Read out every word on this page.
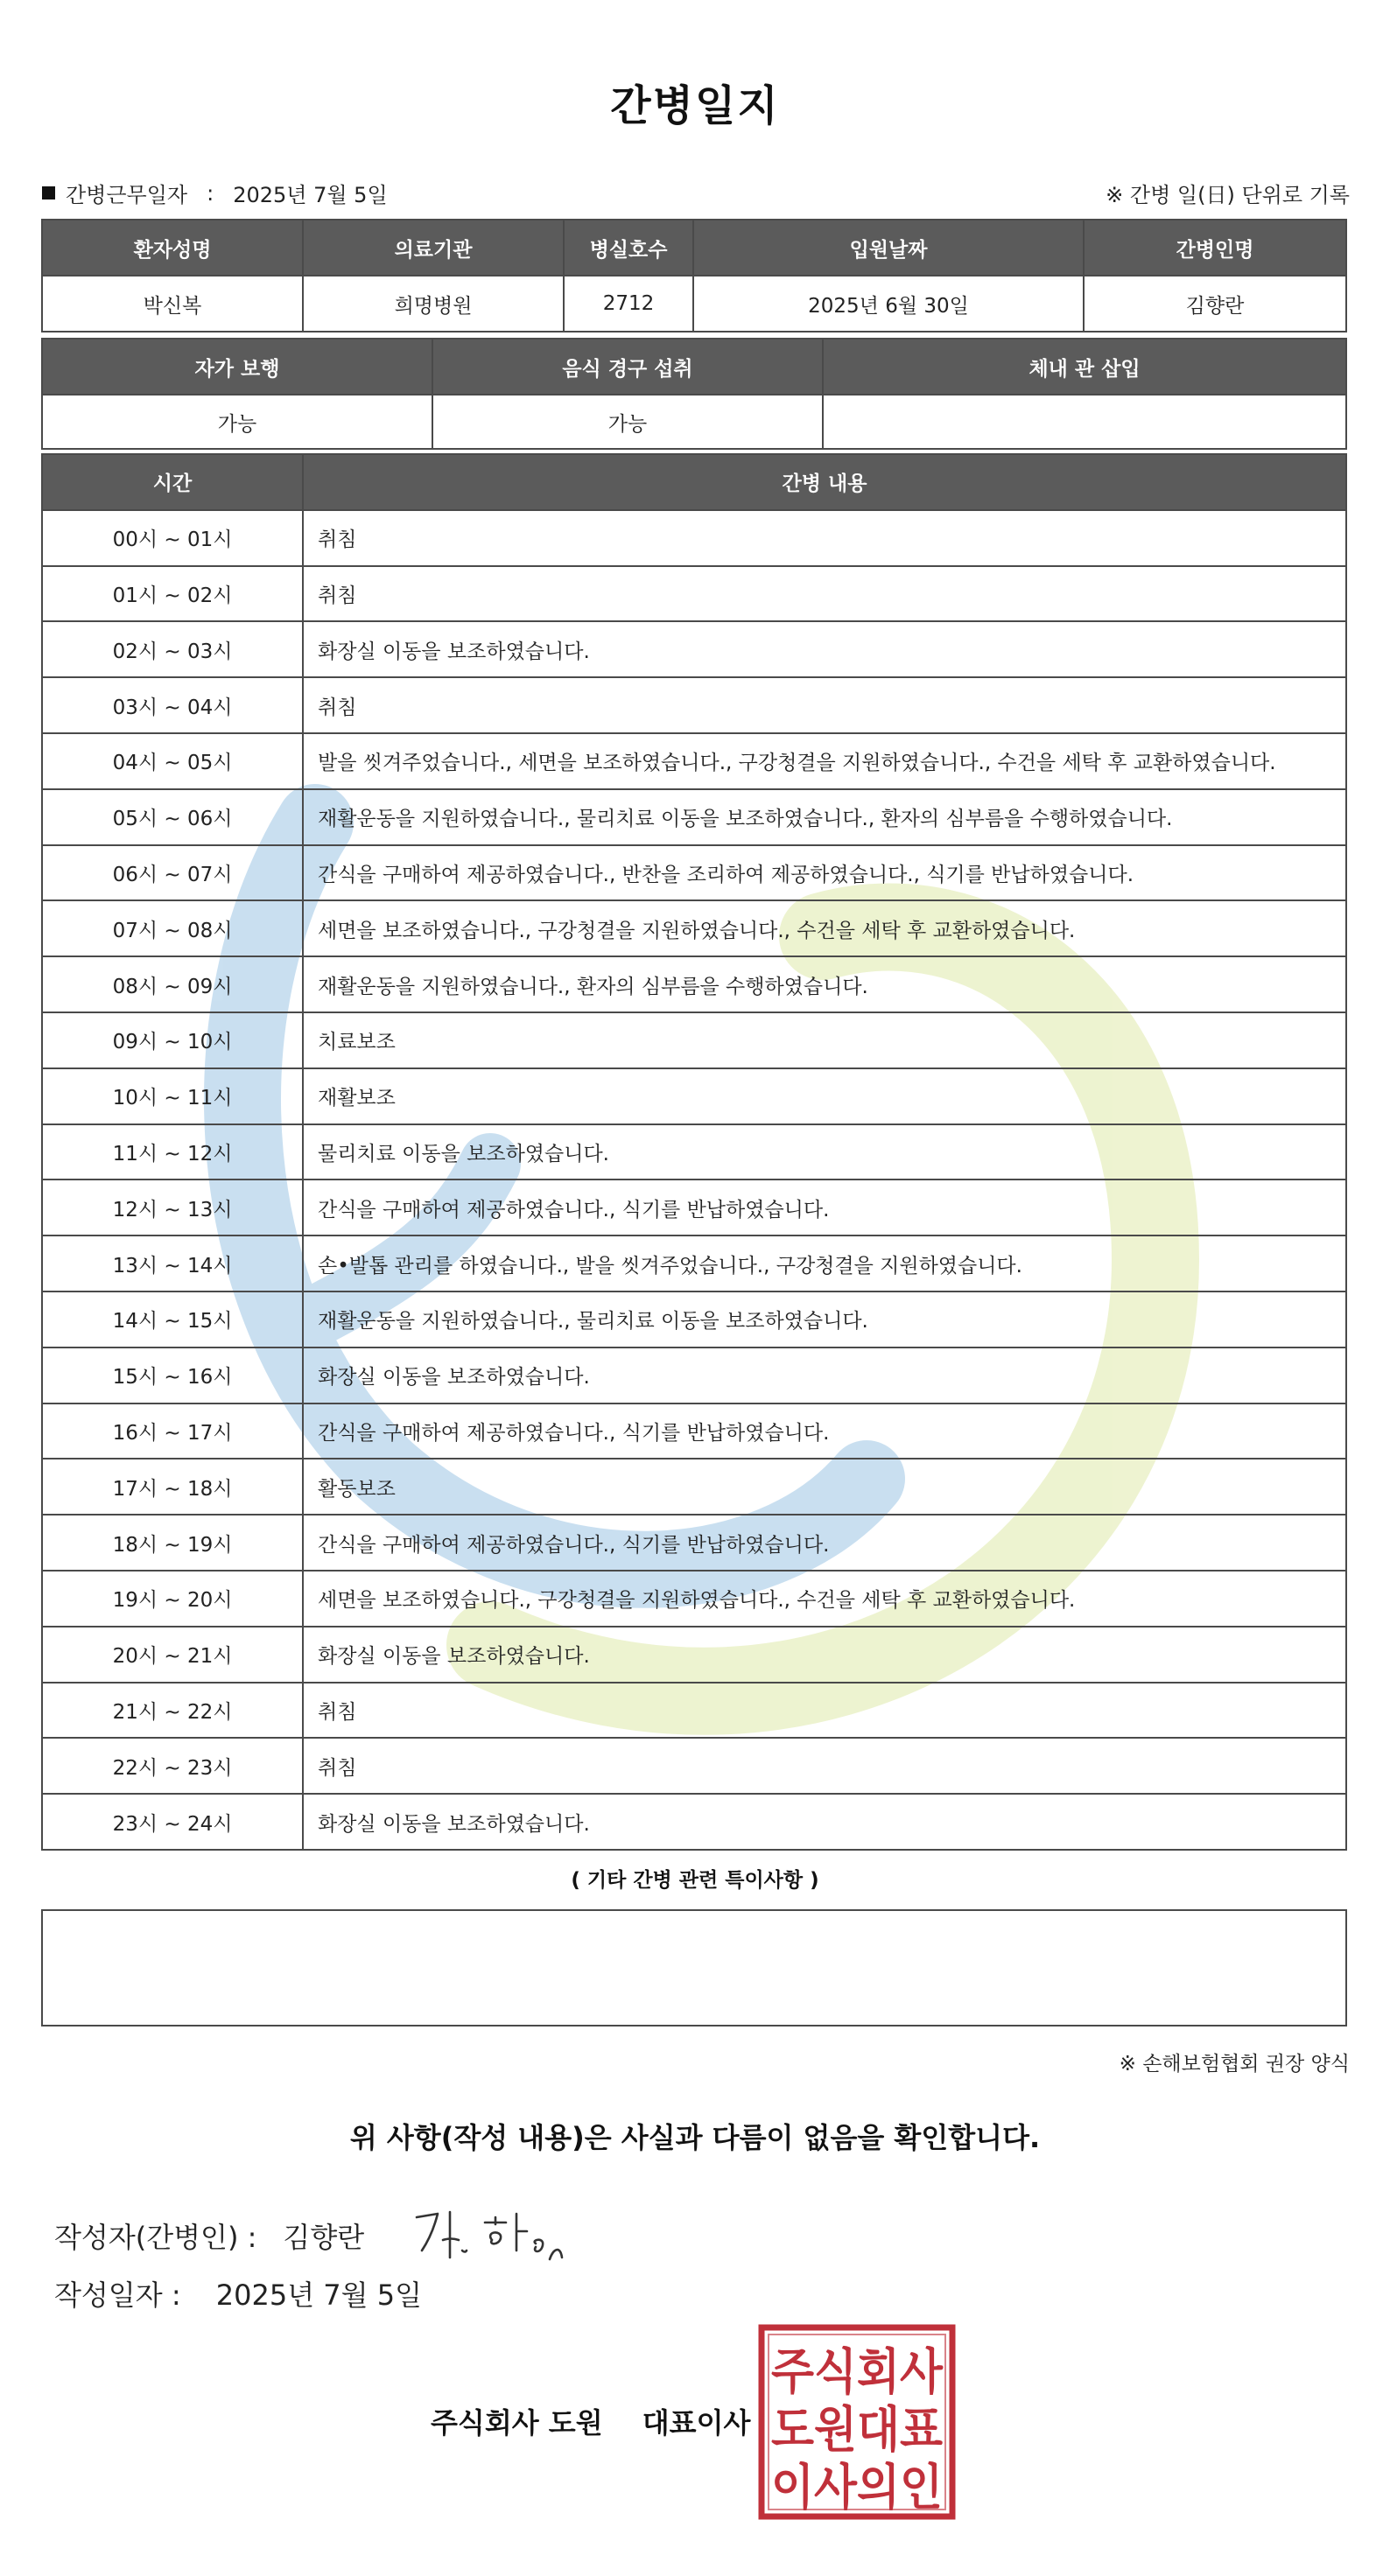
간병일지
간병근무일자 : 2025년 7월 5일	※ 간병 일(日) 단위로 기록
환자성명	의료기관	병실호수	입원날짜	간병인명
박신복	희명병원	2712	2025년 6월 30일	김향란
자가 보행	음식 경구 섭취	체내 관 삽입
가능	가능
시간	간병 내용
00시 ~ 01시	취침
01시 ~ 02시	취침
02시 ~ 03시	화장실 이동을 보조하였습니다.
03시 ~ 04시	취침
04시 ~ 05시	발을 씻겨주었습니다., 세면을 보조하였습니다., 구강청결을 지원하였습니다., 수건을 세탁 후 교환하였습니다.
05시 ~ 06시	재활운동을 지원하였습니다., 물리치료 이동을 보조하였습니다., 환자의 심부름을 수행하였습니다.
06시 ~ 07시	간식을 구매하여 제공하였습니다., 반찬을 조리하여 제공하였습니다., 식기를 반납하였습니다.
07시 ~ 08시	세면을 보조하였습니다., 구강청결을 지원하였습니다., 수건을 세탁 후 교환하였습니다.
08시 ~ 09시	재활운동을 지원하였습니다., 환자의 심부름을 수행하였습니다.
09시 ~ 10시	치료보조
10시 ~ 11시	재활보조
11시 ~ 12시	물리치료 이동을 보조하였습니다.
12시 ~ 13시	간식을 구매하여 제공하였습니다., 식기를 반납하였습니다.
13시 ~ 14시	손•발톱 관리를 하였습니다., 발을 씻겨주었습니다., 구강청결을 지원하였습니다.
14시 ~ 15시	재활운동을 지원하였습니다., 물리치료 이동을 보조하였습니다.
15시 ~ 16시	화장실 이동을 보조하였습니다.
16시 ~ 17시	간식을 구매하여 제공하였습니다., 식기를 반납하였습니다.
17시 ~ 18시	활동보조
18시 ~ 19시	간식을 구매하여 제공하였습니다., 식기를 반납하였습니다.
19시 ~ 20시	세면을 보조하였습니다., 구강청결을 지원하였습니다., 수건을 세탁 후 교환하였습니다.
20시 ~ 21시	화장실 이동을 보조하였습니다.
21시 ~ 22시	취침
22시 ~ 23시	취침
23시 ~ 24시	화장실 이동을 보조하였습니다.
( 기타 간병 관련 특이사항 )
※ 손해보험협회 권장 양식
위 사항(작성 내용)은 사실과 다름이 없음을 확인합니다.
작성자(간병인) : 김향란
작성일자 : 2025년 7월 5일
주식회사 도원 대표이사
주식회사
도원대표
이사의인
